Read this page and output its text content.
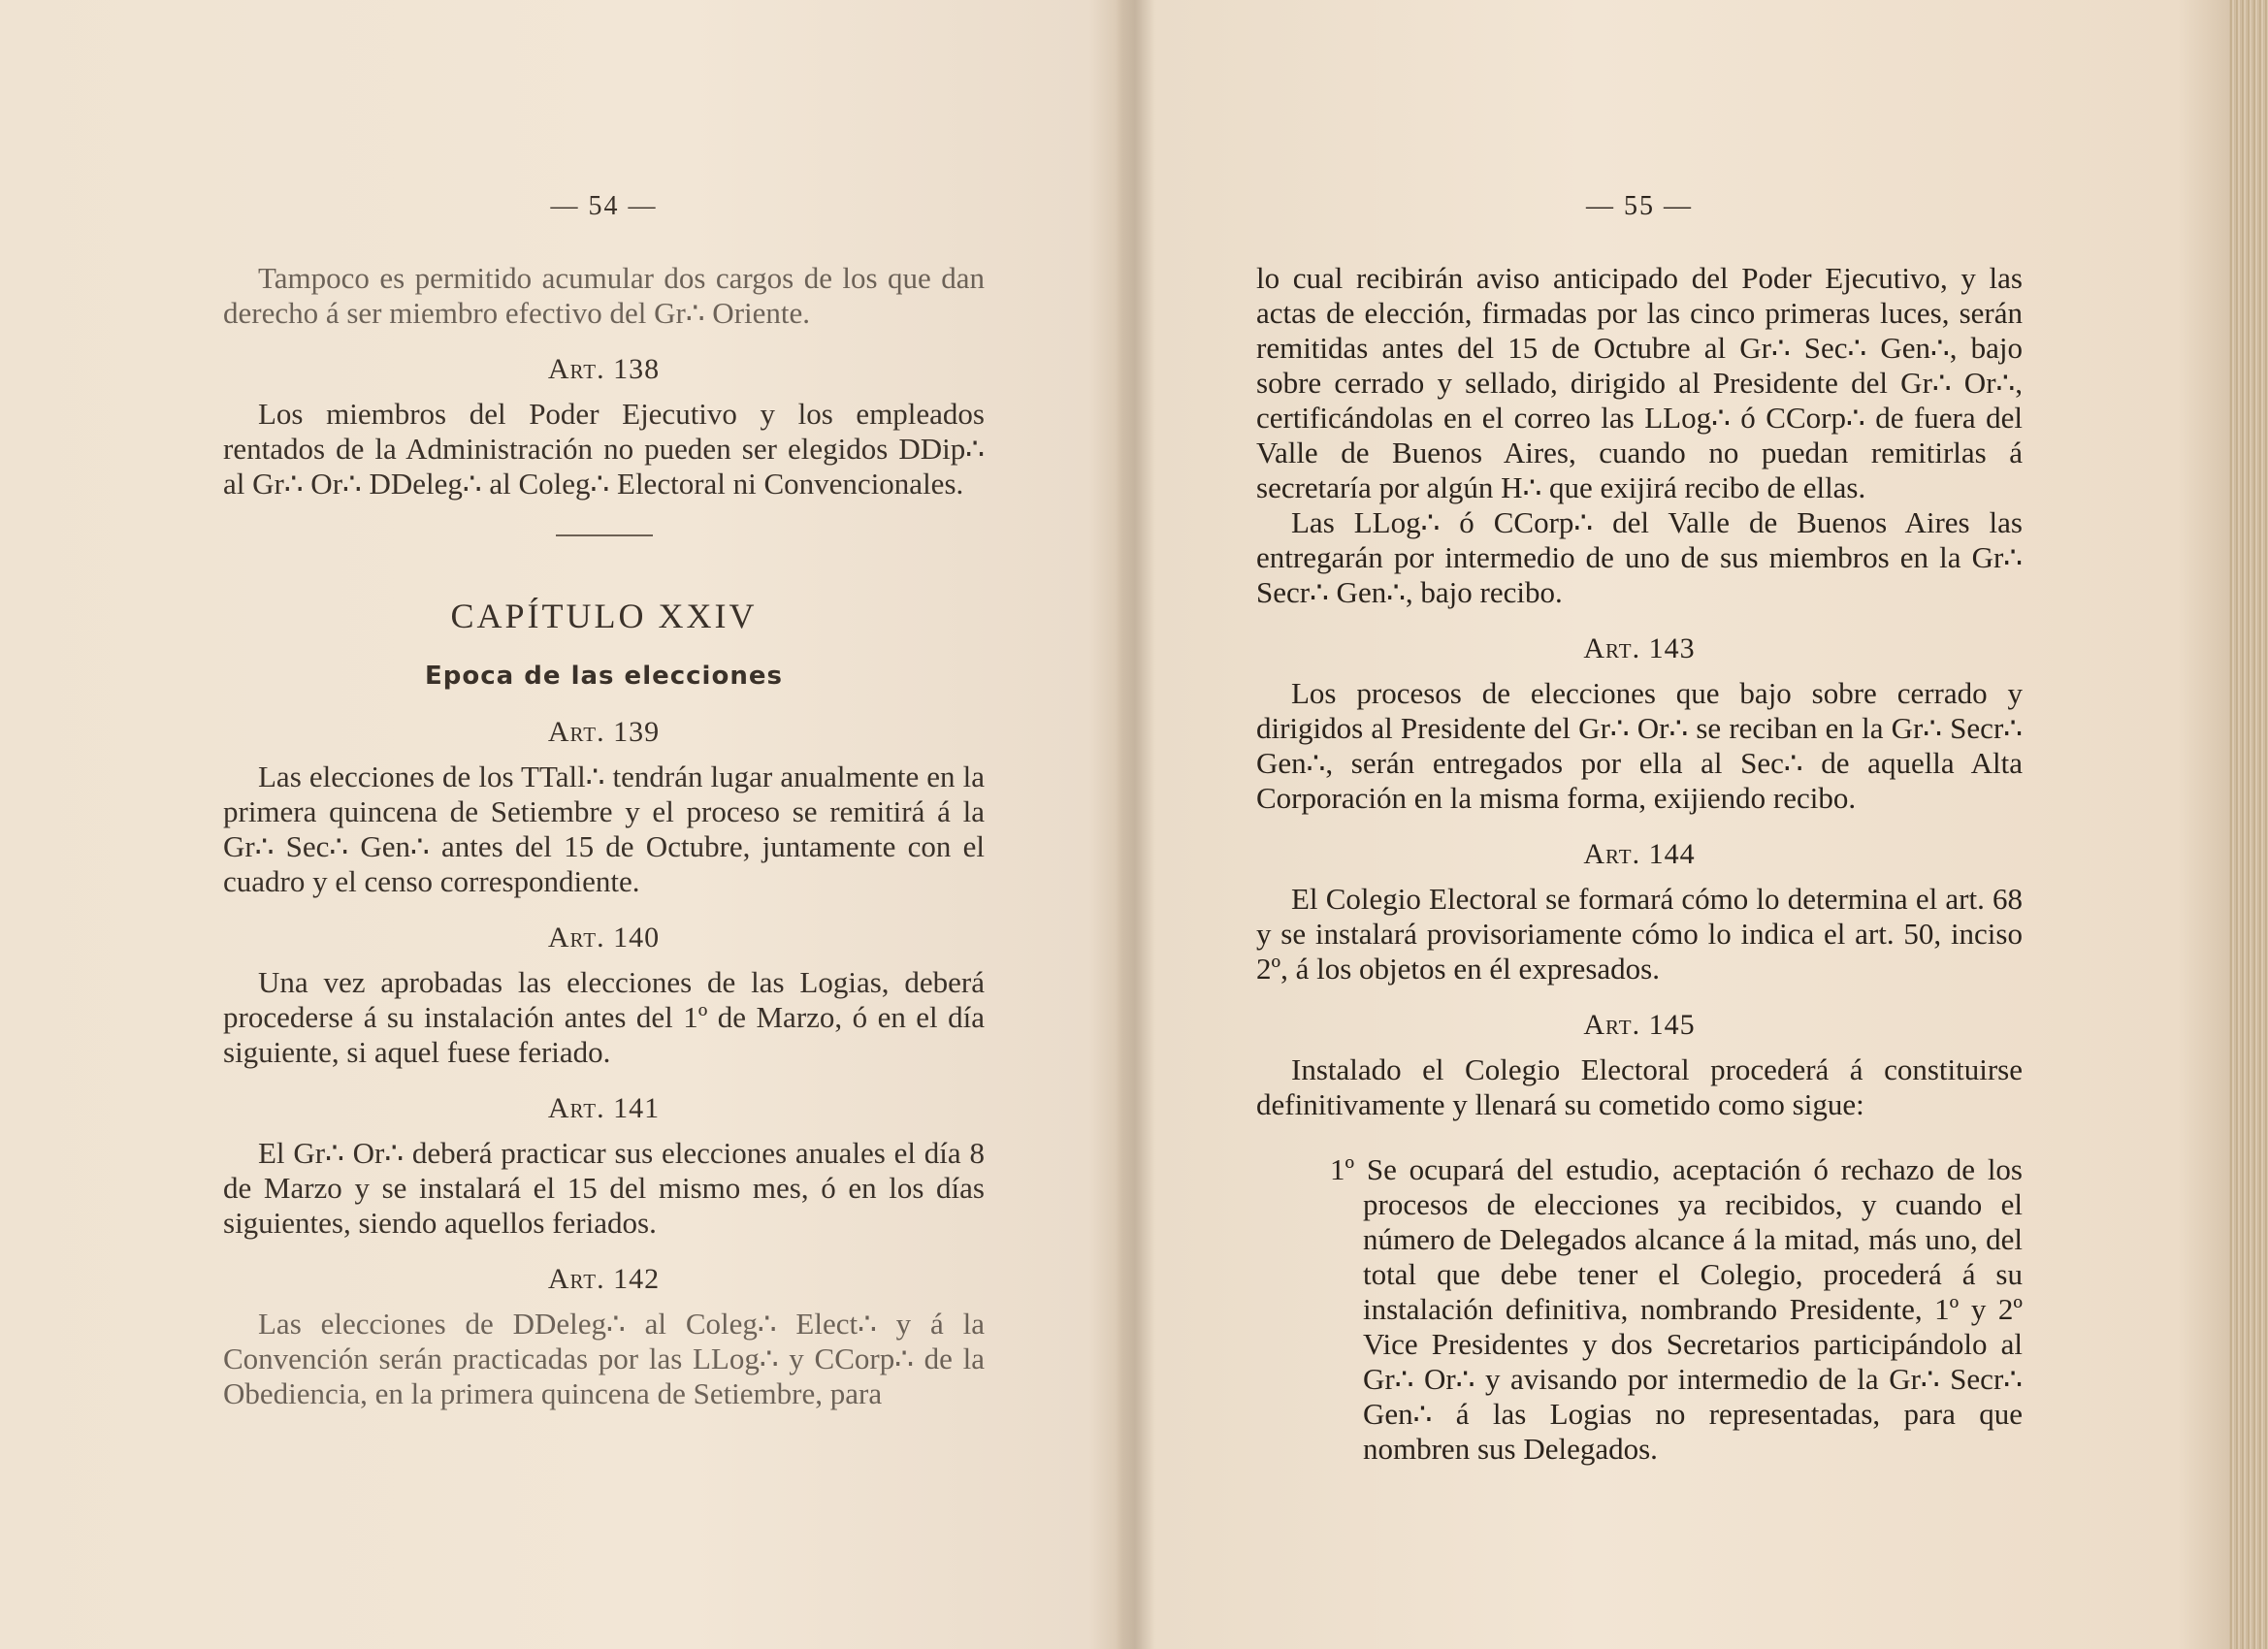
— 54 —

Tampoco es permitido acumular dos cargos de los que dan derecho á ser miembro efectivo del Gr∴ Oriente.

Art. 138

Los miembros del Poder Ejecutivo y los empleados rentados de la Administración no pueden ser elegidos DDip∴ al Gr∴ Or∴ DDeleg∴ al Coleg∴ Electoral ni Convencionales.

CAPÍTULO XXIV
Epoca de las elecciones
Art. 139

Las elecciones de los TTall∴ tendrán lugar anualmente en la primera quincena de Setiembre y el proceso se remitirá á la Gr∴ Sec∴ Gen∴ antes del 15 de Octubre, juntamente con el cuadro y el censo correspondiente.

Art. 140

Una vez aprobadas las elecciones de las Logias, deberá procederse á su instalación antes del 1º de Marzo, ó en el día siguiente, si aquel fuese feriado.

Art. 141

El Gr∴ Or∴ deberá practicar sus elecciones anuales el día 8 de Marzo y se instalará el 15 del mismo mes, ó en los días siguientes, siendo aquellos feriados.

Art. 142

Las elecciones de DDeleg∴ al Coleg∴ Elect∴ y á la Convención serán practicadas por las LLog∴ y CCorp∴ de la Obediencia, en la primera quincena de Setiembre, para

— 55 —

lo cual recibirán aviso anticipado del Poder Ejecutivo, y las actas de elección, firmadas por las cinco primeras luces, serán remitidas antes del 15 de Octubre al Gr∴ Sec∴ Gen∴, bajo sobre cerrado y sellado, dirigido al Presidente del Gr∴ Or∴, certificándolas en el correo las LLog∴ ó CCorp∴ de fuera del Valle de Buenos Aires, cuando no puedan remitirlas á secretaría por algún H∴ que exijirá recibo de ellas.

Las LLog∴ ó CCorp∴ del Valle de Buenos Aires las entregarán por intermedio de uno de sus miembros en la Gr∴ Secr∴ Gen∴, bajo recibo.

Art. 143

Los procesos de elecciones que bajo sobre cerrado y dirigidos al Presidente del Gr∴ Or∴ se reciban en la Gr∴ Secr∴ Gen∴, serán entregados por ella al Sec∴ de aquella Alta Corporación en la misma forma, exijiendo recibo.

Art. 144

El Colegio Electoral se formará cómo lo determina el art. 68 y se instalará provisoriamente cómo lo indica el art. 50, inciso 2º, á los objetos en él expresados.

Art. 145

Instalado el Colegio Electoral procederá á constituirse definitivamente y llenará su cometido como sigue:

1º Se ocupará del estudio, aceptación ó rechazo de los procesos de elecciones ya recibidos, y cuando el número de Delegados alcance á la mitad, más uno, del total que debe tener el Colegio, procederá á su instalación definitiva, nombrando Presidente, 1º y 2º Vice Presidentes y dos Secretarios participándolo al Gr∴ Or∴ y avisando por intermedio de la Gr∴ Secr∴ Gen∴ á las Logias no representadas, para que nombren sus Delegados.
